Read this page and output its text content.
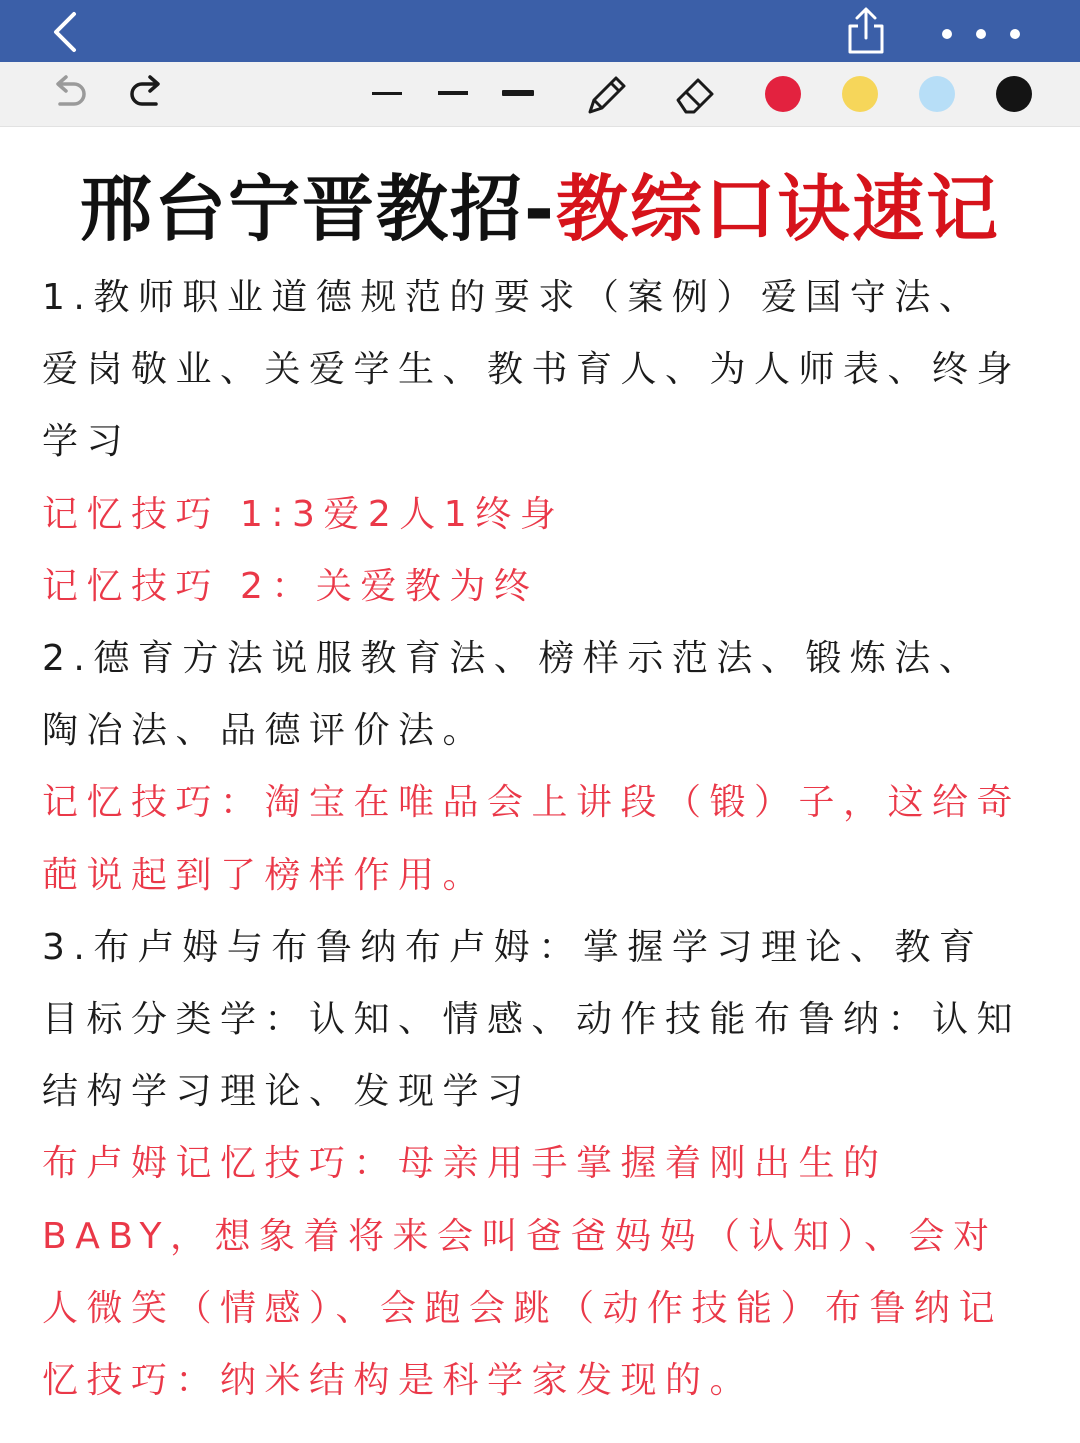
邢台宁晋教招-教综口诀速记

1.教师职业道德规范的要求（案例）爱国守法、爱岗敬业、关爱学生、教书育人、为人师表、终身学习

记忆技巧 1:3爱2人1终身

记忆技巧 2：关爱教为终

2.德育方法说服教育法、榜样示范法、锻炼法、陶冶法、品德评价法。

记忆技巧：淘宝在唯品会上讲段（锻）子，这给奇葩说起到了榜样作用。

3.布卢姆与布鲁纳布卢姆：掌握学习理论、教育目标分类学：认知、情感、动作技能布鲁纳：认知结构学习理论、发现学习

布卢姆记忆技巧：母亲用手掌握着刚出生的BABY，想象着将来会叫爸爸妈妈（认知）、会对人微笑（情感）、会跑会跳（动作技能）布鲁纳记忆技巧：纳米结构是科学家发现的。
